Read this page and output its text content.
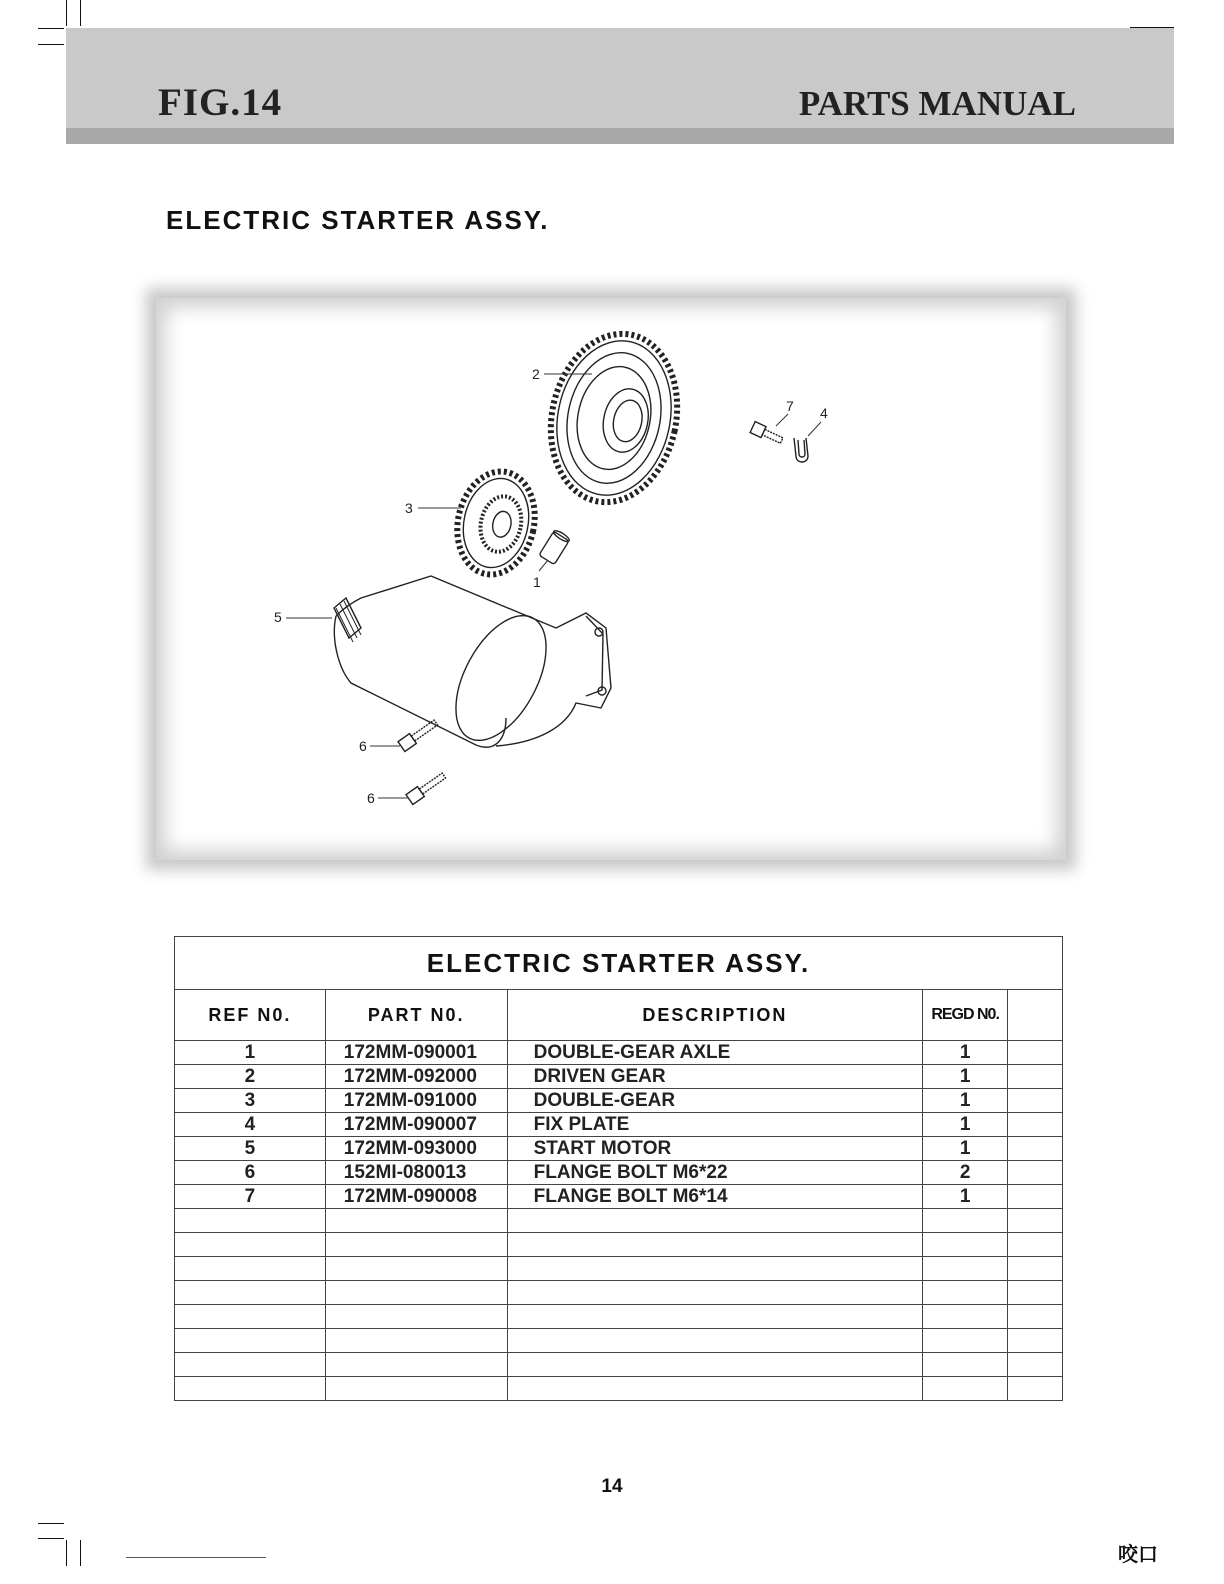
FIG.14	PARTS MANUAL
ELECTRIC STARTER ASSY.
2
3
1
5
6
6
7 4
ELECTRIC STARTER ASSY.				
REF N0.	PART N0.	DESCRIPTION	REGD N0.	
1	172MM-090001	DOUBLE-GEAR AXLE	1	
2	172MM-092000	DRIVEN GEAR	1	
3	172MM-091000	DOUBLE-GEAR	1	
4	172MM-090007	FIX PLATE	1	
5	172MM-093000	START MOTOR	1	
6	152MI-080013	FLANGE BOLT M6*22	2	
7	172MM-090008	FLANGE BOLT M6*14	1	

14
咬口
